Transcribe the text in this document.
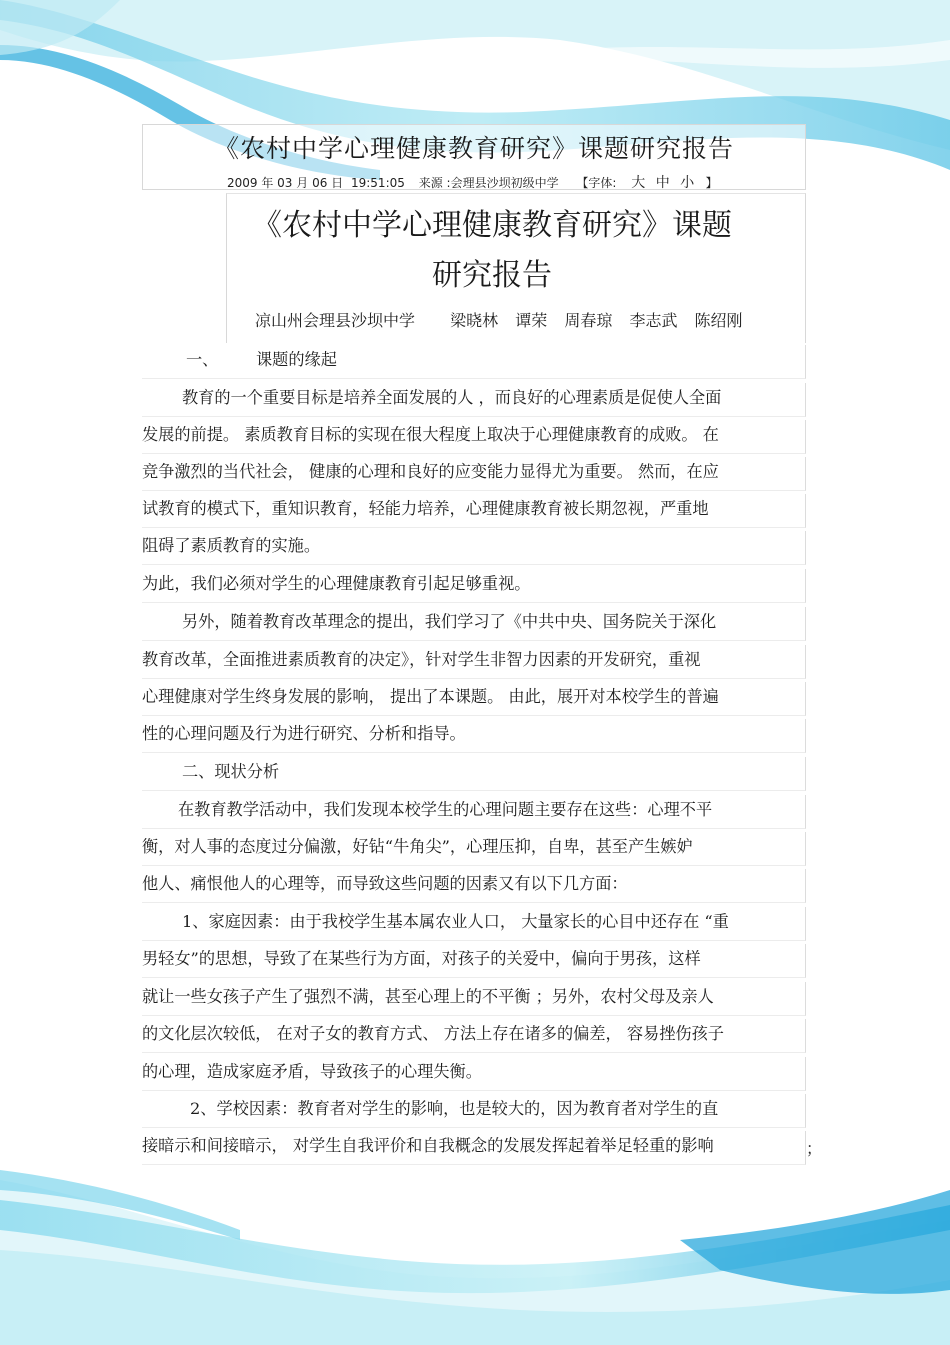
《农村中学心理健康教育研究》课题研究报告
2009 年 03 月 06 日 19:51:05 来源 :会理县沙坝初级中学 【字体: 大 中 小 】
《农村中学心理健康教育研究》课题
研究报告
凉山州会理县沙坝中学 梁晓林 谭荣 周春琼 李志武 陈绍刚
一、 课题的缘起
教育的一个重要目标是培养全面发展的人 ，而良好的心理素质是促使人全面
发展的前提。 素质教育目标的实现在很大程度上取决于心理健康教育的成败。 在
竞争激烈的当代社会， 健康的心理和良好的应变能力显得尤为重要。 然而，在应
试教育的模式下，重知识教育，轻能力培养，心理健康教育被长期忽视，严重地
阻碍了素质教育的实施。
为此，我们必须对学生的心理健康教育引起足够重视。
另外，随着教育改革理念的提出，我们学习了《中共中央、国务院关于深化
教育改革，全面推进素质教育的决定》，针对学生非智力因素的开发研究，重视
心理健康对学生终身发展的影响， 提出了本课题。 由此，展开对本校学生的普遍
性的心理问题及行为进行研究、分析和指导。
二、现状分析
在教育教学活动中，我们发现本校学生的心理问题主要存在这些：心理不平
衡，对人事的态度过分偏激，好钻“牛角尖”，心理压抑，自卑，甚至产生嫉妒
他人、痛恨他人的心理等，而导致这些问题的因素又有以下几方面：
1、家庭因素：由于我校学生基本属农业人口， 大量家长的心目中还存在 “重
男轻女”的思想，导致了在某些行为方面，对孩子的关爱中，偏向于男孩，这样
就让一些女孩子产生了强烈不满，甚至心理上的不平衡 ；另外，农村父母及亲人
的文化层次较低， 在对子女的教育方式、 方法上存在诸多的偏差， 容易挫伤孩子
的心理，造成家庭矛盾，导致孩子的心理失衡。
2、学校因素：教育者对学生的影响，也是较大的，因为教育者对学生的直
接暗示和间接暗示， 对学生自我评价和自我概念的发展发挥起着举足轻重的影响	；
